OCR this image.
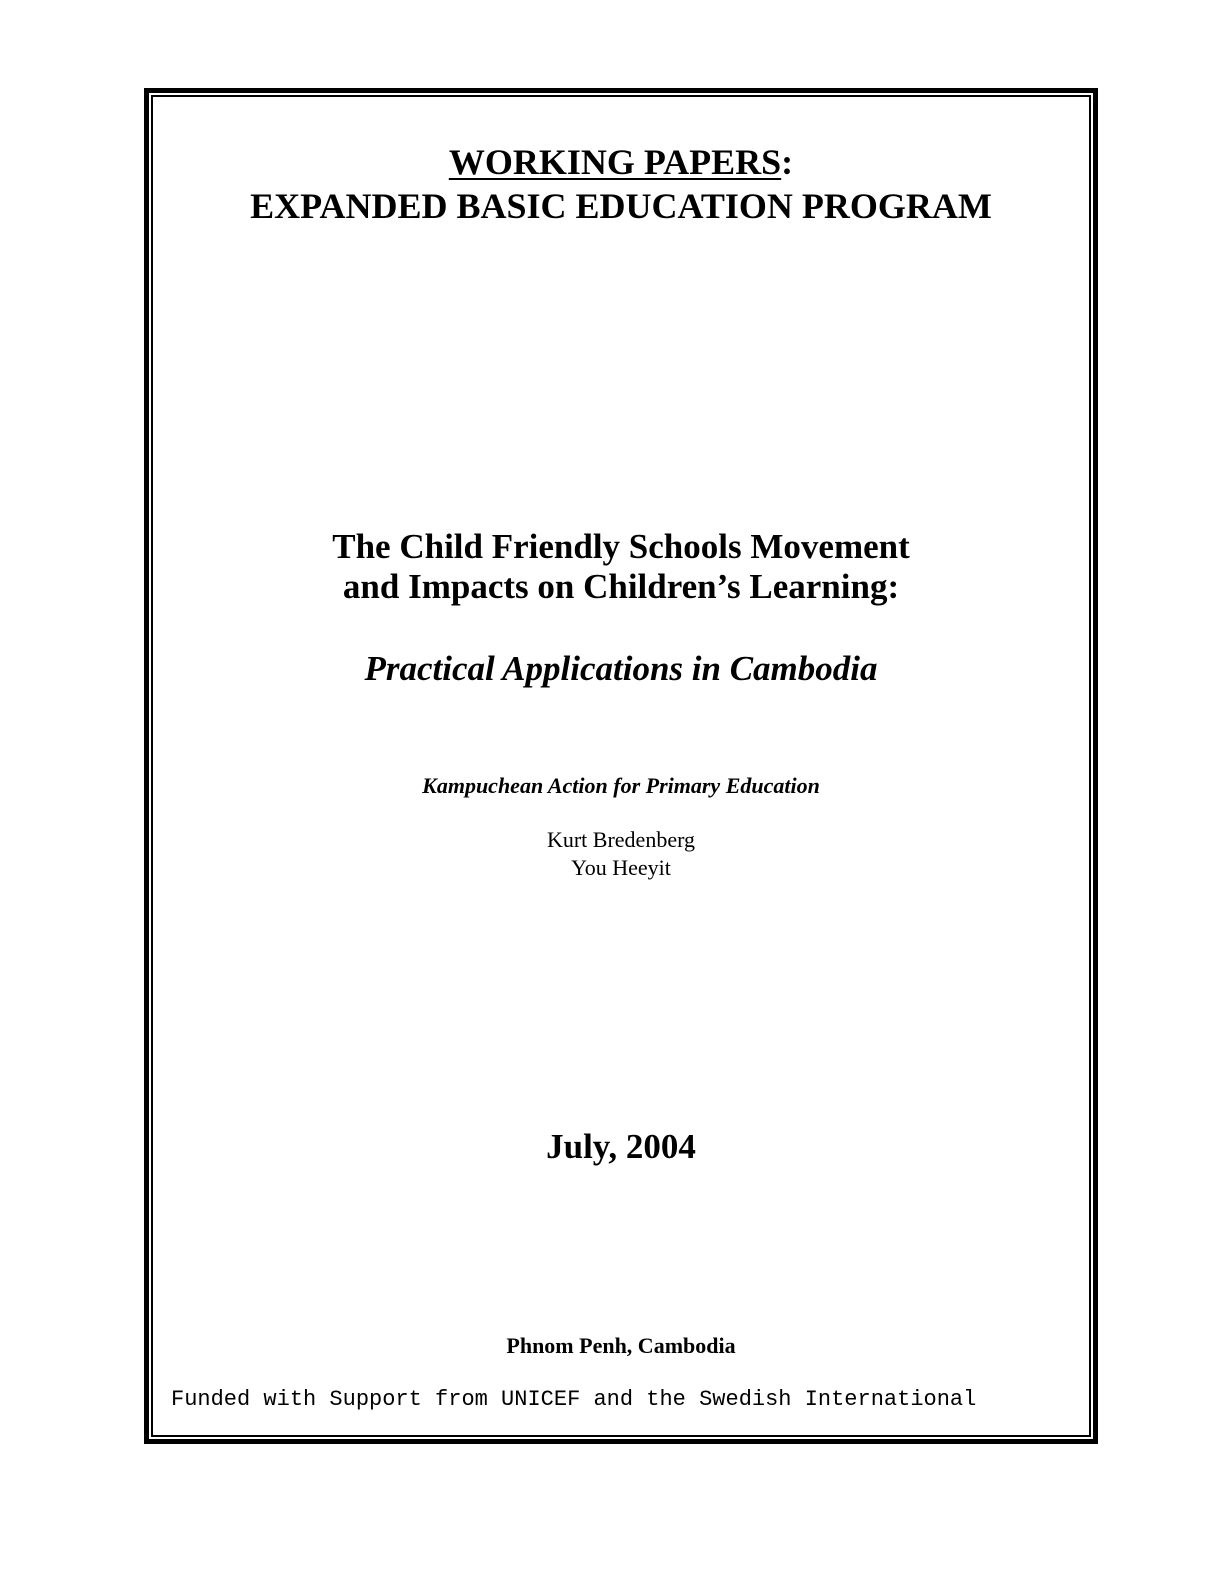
WORKING PAPERS:
EXPANDED BASIC EDUCATION PROGRAM
The Child Friendly Schools Movement
and Impacts on Children’s Learning:
Practical Applications in Cambodia
Kampuchean Action for Primary Education
Kurt Bredenberg
You Heeyit
July, 2004
Phnom Penh, Cambodia
Funded with Support from UNICEF and the Swedish International
